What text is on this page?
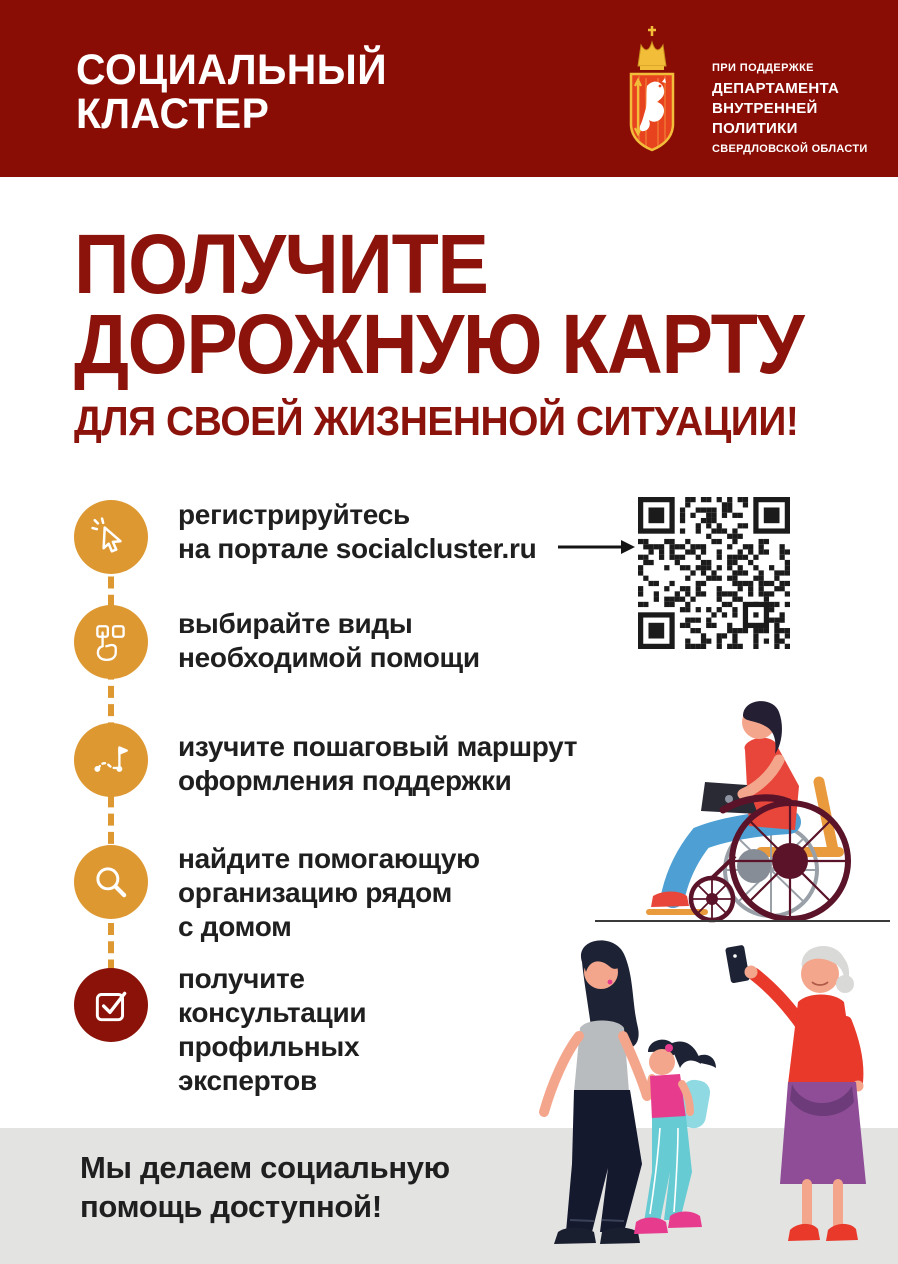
СОЦИАЛЬНЫЙ
КЛАСТЕР
ПРИ ПОДДЕРЖКЕ
ДЕПАРТАМЕНТА
ВНУТРЕННЕЙ
ПОЛИТИКИ
СВЕРДЛОВСКОЙ ОБЛАСТИ
ПОЛУЧИТЕ
ДОРОЖНУЮ КАРТУ
ДЛЯ СВОЕЙ ЖИЗНЕННОЙ СИТУАЦИИ!
регистрируйтесь
на портале socialcluster.ru
выбирайте виды
необходимой помощи
изучите пошаговый маршрут
оформления поддержки
найдите помогающую
организацию рядом
с домом
получите
консультации
профильных
экспертов
Мы делаем социальную
помощь доступной!
